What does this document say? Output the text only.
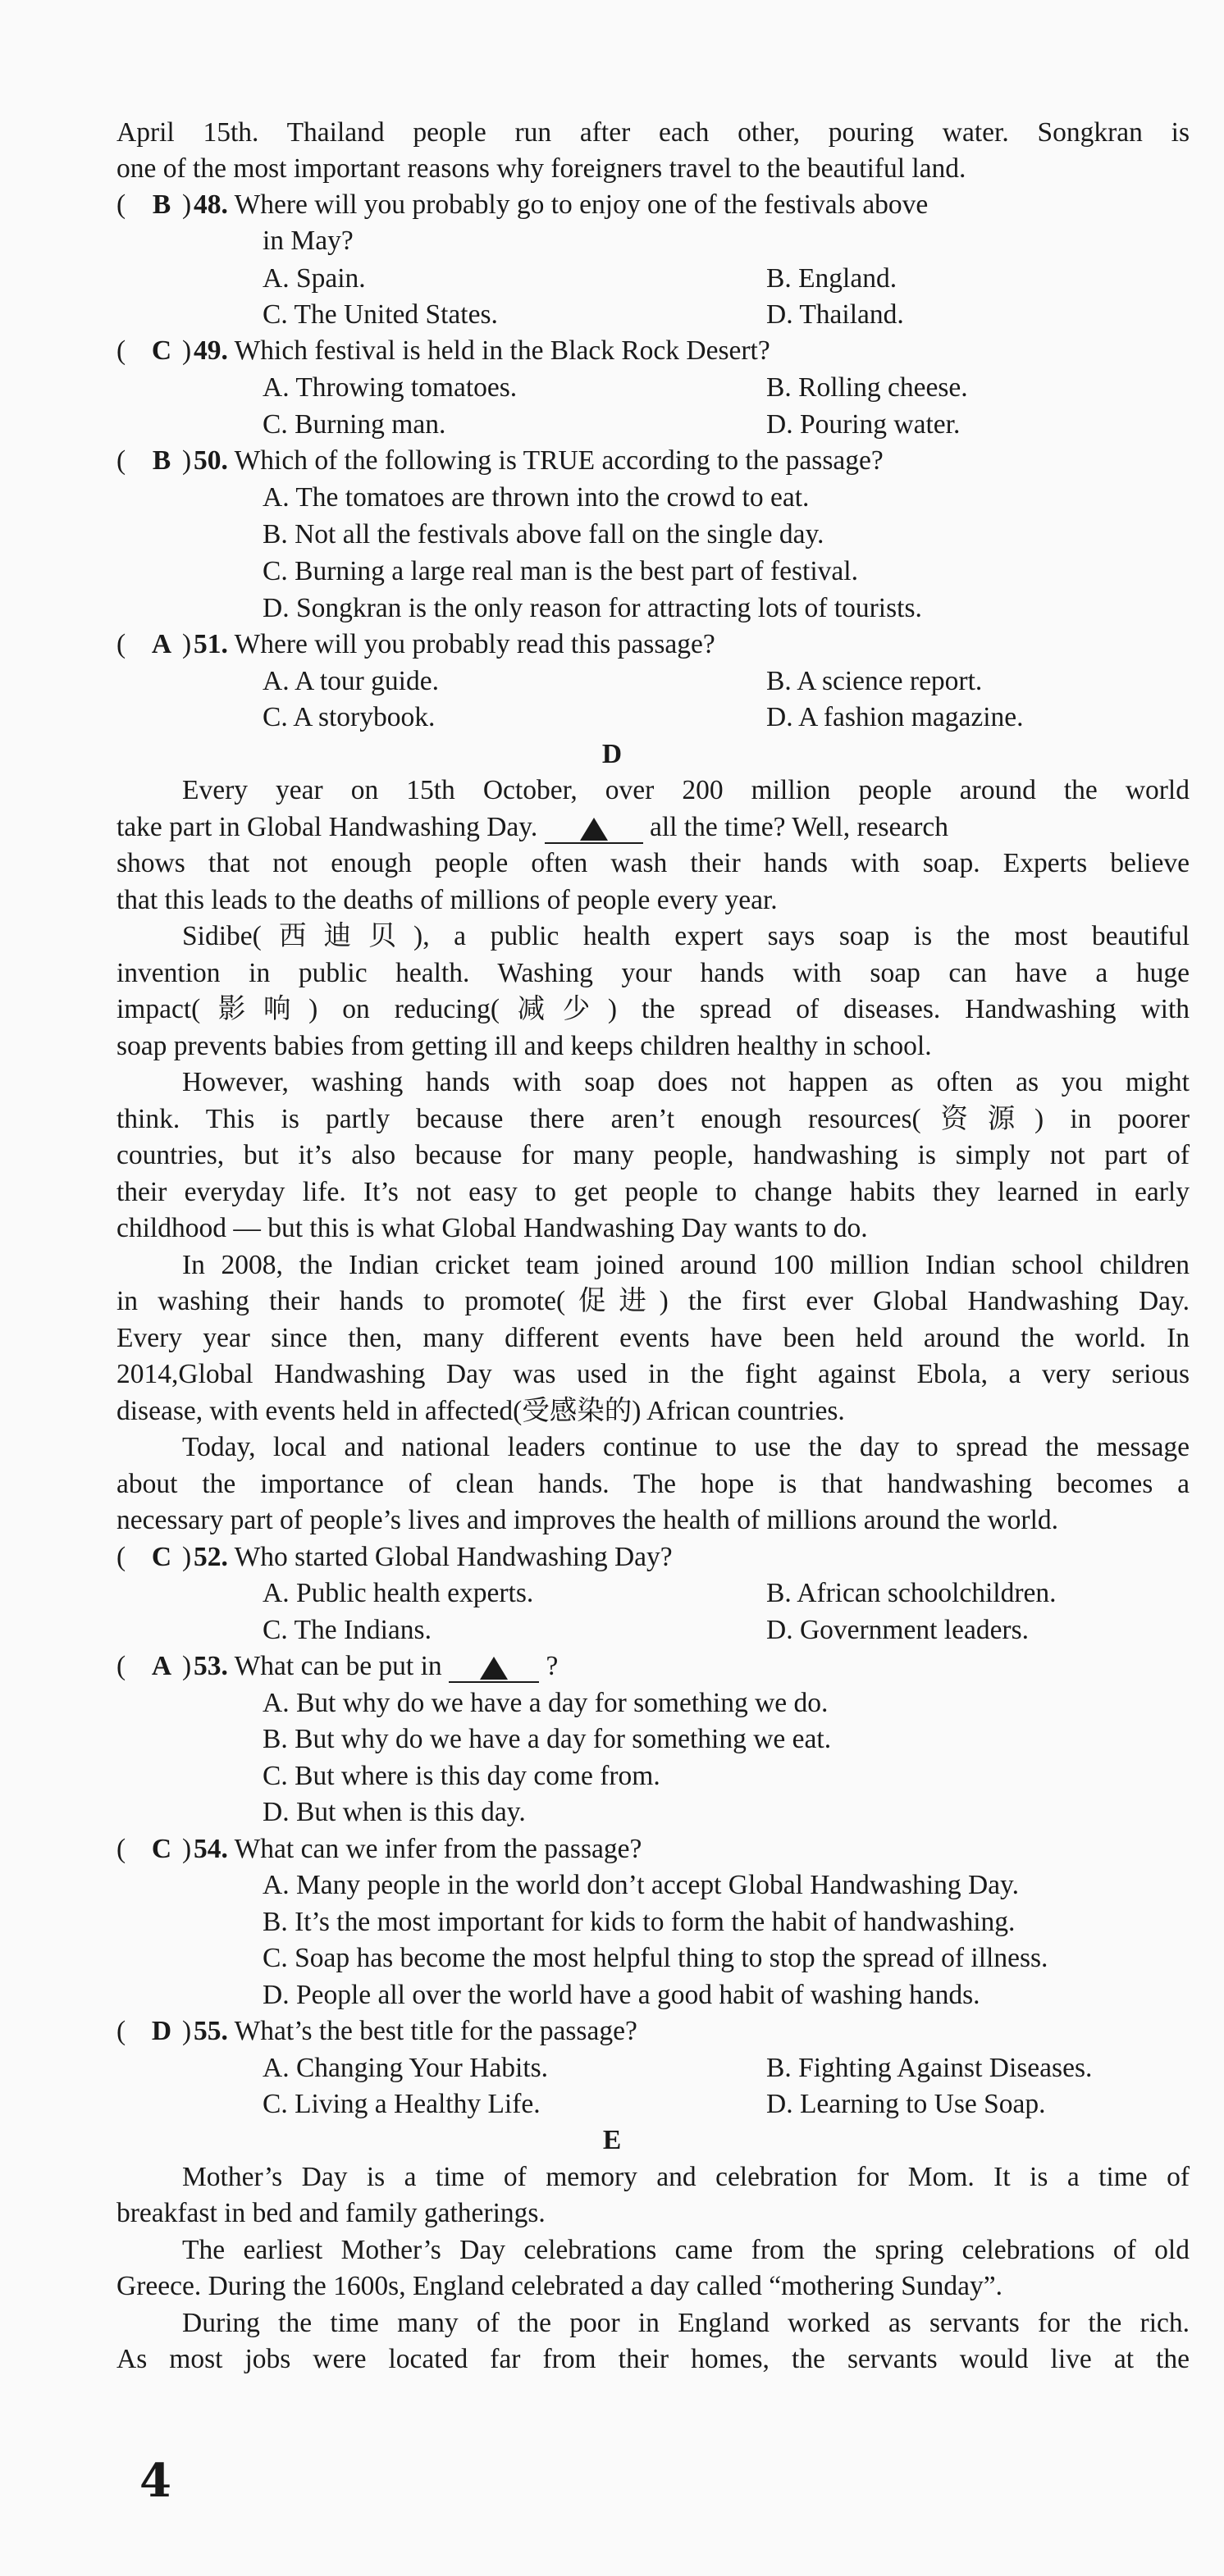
April 15th. Thailand people run after each other, pouring water. Songkran is
one of the most important reasons why foreigners travel to the beautiful land.
( B )48. Where will you probably go to enjoy one of the festivals above
in May?
A. Spain.	B. England.
C. The United States.	D. Thailand.
( C )49. Which festival is held in the Black Rock Desert?
A. Throwing tomatoes.	B. Rolling cheese.
C. Burning man.	D. Pouring water.
( B )50. Which of the following is TRUE according to the passage?
A. The tomatoes are thrown into the crowd to eat.
B. Not all the festivals above fall on the single day.
C. Burning a large real man is the best part of festival.
D. Songkran is the only reason for attracting lots of tourists.
( A )51. Where will you probably read this passage?
A. A tour guide.	B. A science report.
C. A storybook.	D. A fashion magazine.
D
Every year on 15th October, over 200 million people around the world
take part in Global Handwashing Day.	all the time? Well, research
shows that not enough people often wash their hands with soap. Experts believe
that this leads to the deaths of millions of people every year.
Sidibe(西迪贝), a public health expert says soap is the most beautiful
invention in public health. Washing your hands with soap can have a huge
impact(影响) on reducing(减少) the spread of diseases. Handwashing with
soap prevents babies from getting ill and keeps children healthy in school.
However, washing hands with soap does not happen as often as you might
think. This is partly because there aren’t enough resources(资源) in poorer
countries, but it’s also because for many people, handwashing is simply not part of
their everyday life. It’s not easy to get people to change habits they learned in early
childhood — but this is what Global Handwashing Day wants to do.
In 2008, the Indian cricket team joined around 100 million Indian school children
in washing their hands to promote(促进) the first ever Global Handwashing Day.
Every year since then, many different events have been held around the world. In
2014,Global Handwashing Day was used in the fight against Ebola, a very serious
disease, with events held in affected(受感染的) African countries.
Today, local and national leaders continue to use the day to spread the message
about the importance of clean hands. The hope is that handwashing becomes a
necessary part of people’s lives and improves the health of millions around the world.
( C )52. Who started Global Handwashing Day?
A. Public health experts.	B. African schoolchildren.
C. The Indians.	D. Government leaders.
( A )53. What can be put in	?
A. But why do we have a day for something we do.
B. But why do we have a day for something we eat.
C. But where is this day come from.
D. But when is this day.
( C )54. What can we infer from the passage?
A. Many people in the world don’t accept Global Handwashing Day.
B. It’s the most important for kids to form the habit of handwashing.
C. Soap has become the most helpful thing to stop the spread of illness.
D. People all over the world have a good habit of washing hands.
( D )55. What’s the best title for the passage?
A. Changing Your Habits.	B. Fighting Against Diseases.
C. Living a Healthy Life.	D. Learning to Use Soap.
E
Mother’s Day is a time of memory and celebration for Mom. It is a time of
breakfast in bed and family gatherings.
The earliest Mother’s Day celebrations came from the spring celebrations of old
Greece. During the 1600s, England celebrated a day called “mothering Sunday”.
During the time many of the poor in England worked as servants for the rich.
As most jobs were located far from their homes, the servants would live at the
4
